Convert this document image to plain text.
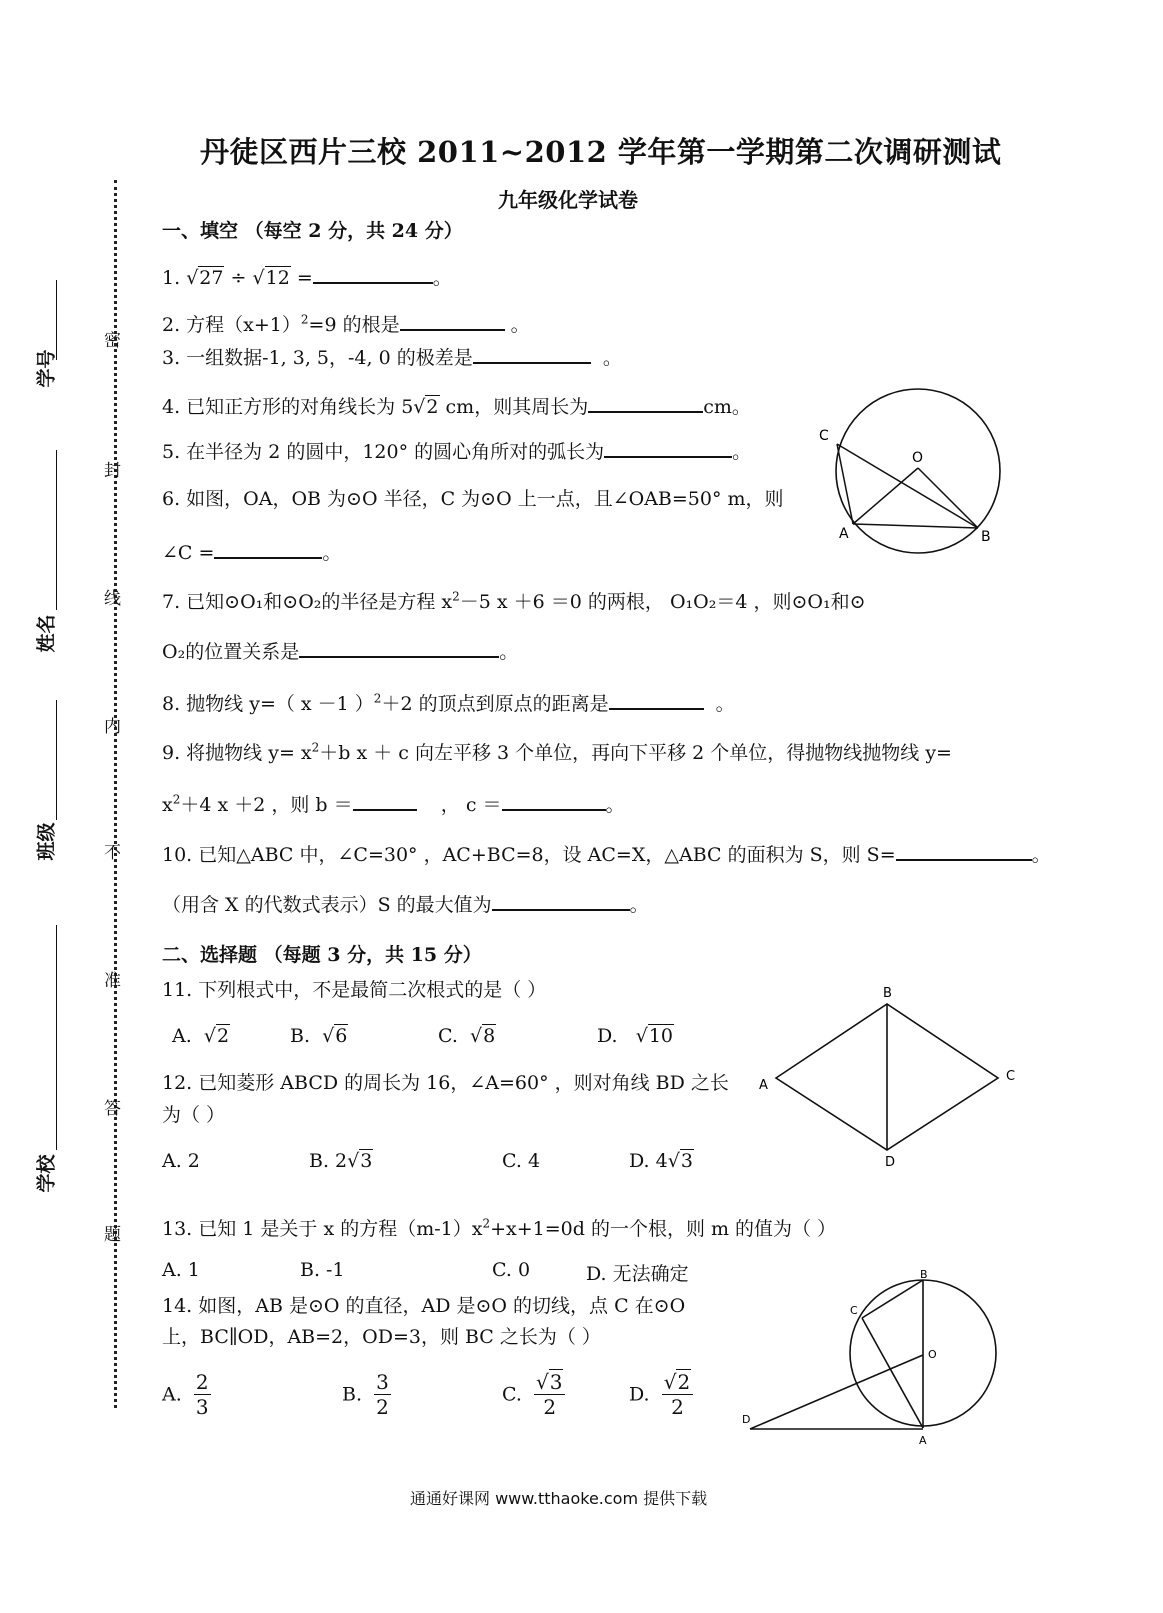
丹徒区西片三校 2011~2012 学年第一学期第二次调研测试
九年级化学试卷
学号
姓名
班级
学校
密
封
线
内
不
准
答
题
一、填空 （每空 2 分，共 24 分）
1. √27 ÷ √12 =	。
2. 方程$(x+1)^2=9$ 的根是	。
3. 一组数据-1, 3, 5，-4, 0 的极差是	。
4. 已知正方形的对角线长为 5√2 cm，则其周长为	cm。
5. 在半径为 2 的圆中，120° 的圆心角所对的弧长为	。
6. 如图，OA，OB 为⊙O 半径，C 为⊙O 上一点，且∠OAB=50° m，则
∠C =	。
C
O
A	B
7. 已知⊙O₁和⊙O₂的半径是方程 $x^2-5$ x ＋6 ＝0 的两根， O₁O₂＝4 ，则⊙O₁和⊙
O₂的位置关系是	。
8. 抛物线 y=（ x －1 ）$^2$＋2 的顶点到原点的距离是	。
9. 将抛物线 $y= x^2+b$ x ＋ c 向左平移 3 个单位，再向下平移 2 个单位，得抛物线抛物线 y=
$x^2+4$ x ＋2 ，则 b ＝	， c ＝	。
10. 已知△ABC 中，∠C=30° ，AC+BC=8，设 AC=X，△ABC 的面积为 S，则 S=	。
（用含 X 的代数式表示）S 的最大值为	。
二、选择题 （每题 3 分，共 15 分）
11. 下列根式中，不是最简二次根式的是（ ）
A. √2	B. √6	C. √8	D. √10
B
A
C
D
12. 已知菱形 ABCD 的周长为 16，∠A=60° ，则对角线 BD 之长
为（ ）
A. 2	B. 2√3	C. 4	D. 4√3
13. 已知 1 是关于 x 的方程$(m-1)x^2+x+1=0d$ 的一个根，则 m 的值为（ ）
A. 1	B. -1	C. 0	D. 无法确定
14. 如图，AB 是⊙O 的直径，AD 是⊙O 的切线，点 C 在⊙O
上，BC∥OD，AB=2，OD=3，则 BC 之长为（ ）
A. $\frac{2}{3}$	B. $\frac{3}{2}$	C. $\frac{√3}{2}$	D. $\frac{√2}{2}$
B
C
O
D
A
通通好课网 www.tthaoke.com 提供下载
